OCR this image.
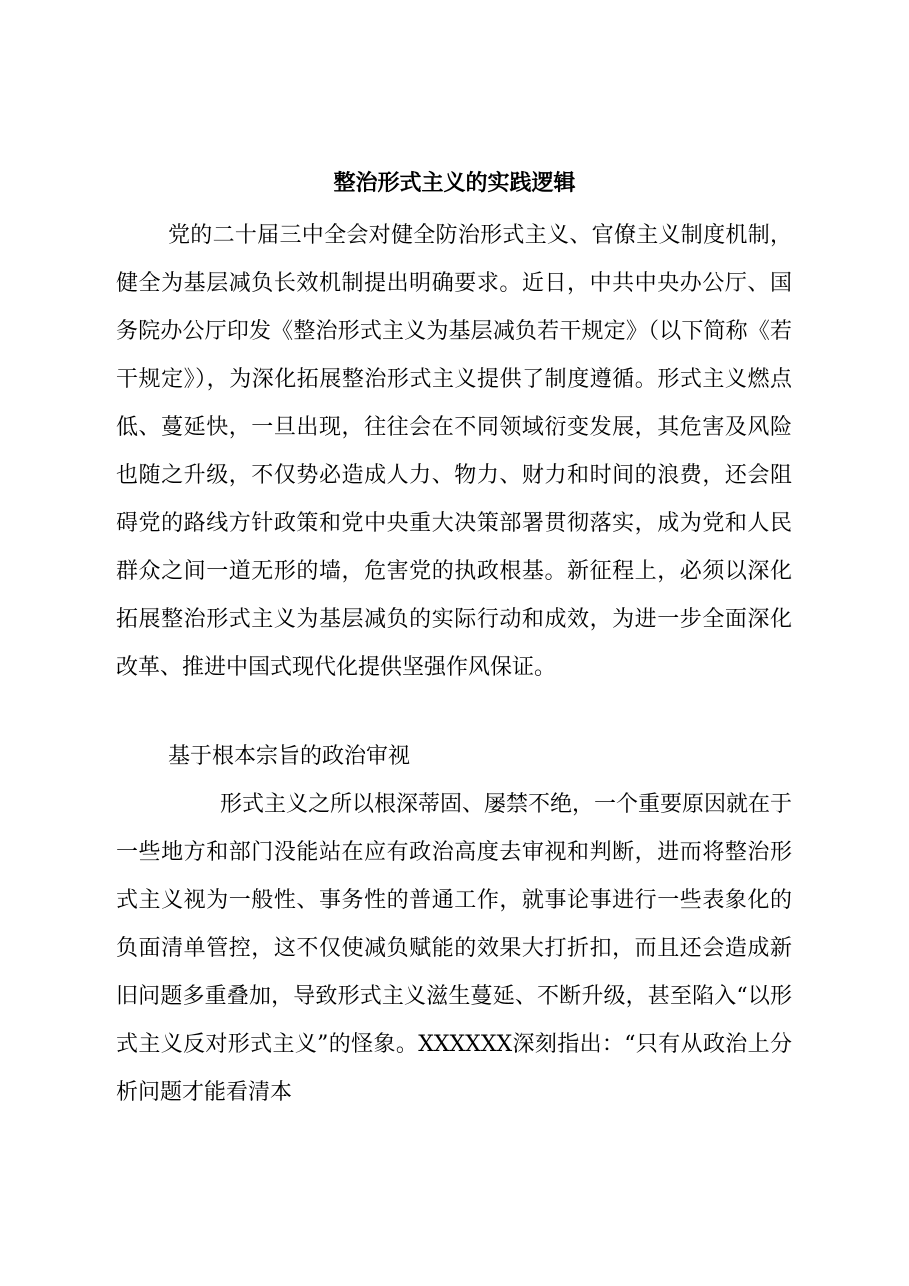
整治形式主义的实践逻辑

党的二十届三中全会对健全防治形式主义、官僚主义制度机制，健全为基层减负长效机制提出明确要求。近日，中共中央办公厅、国务院办公厅印发《整治形式主义为基层减负若干规定》（以下简称《若干规定》），为深化拓展整治形式主义提供了制度遵循。形式主义燃点低、蔓延快，一旦出现，往往会在不同领域衍变发展，其危害及风险也随之升级，不仅势必造成人力、物力、财力和时间的浪费，还会阻碍党的路线方针政策和党中央重大决策部署贯彻落实，成为党和人民群众之间一道无形的墙，危害党的执政根基。新征程上，必须以深化拓展整治形式主义为基层减负的实际行动和成效，为进一步全面深化改革、推进中国式现代化提供坚强作风保证。

基于根本宗旨的政治审视

形式主义之所以根深蒂固、屡禁不绝，一个重要原因就在于一些地方和部门没能站在应有政治高度去审视和判断，进而将整治形式主义视为一般性、事务性的普通工作，就事论事进行一些表象化的负面清单管控，这不仅使减负赋能的效果大打折扣，而且还会造成新旧问题多重叠加，导致形式主义滋生蔓延、不断升级，甚至陷入“以形式主义反对形式主义”的怪象。XXXXXX深刻指出：“只有从政治上分析问题才能看清本
